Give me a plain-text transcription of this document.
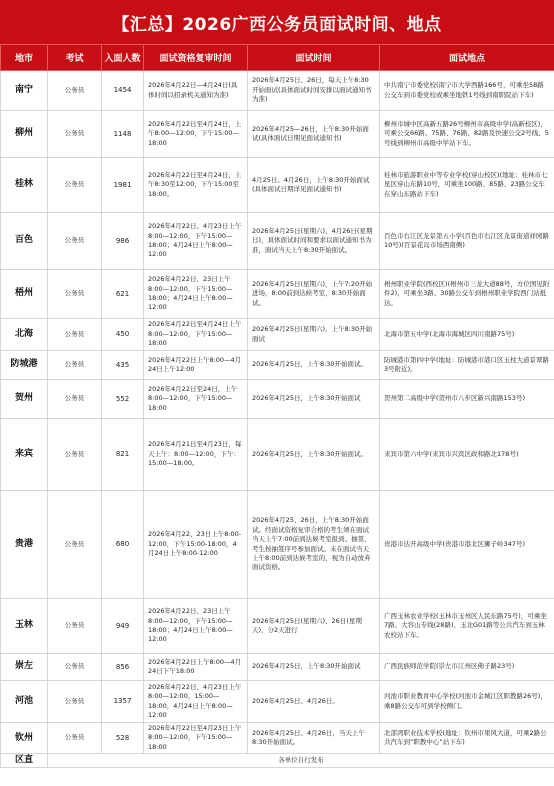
【汇总】2026广西公务员面试时间、地点
地市	考试	入面人数	面试资格复审时间	面试时间	面试地点
南宁	公务员	1454	2026年4月22日—4月24日(具体时间以招录机关通知为准)	2026年4月25日、26日，每天上午8:30开始面试(具体面试时间安排以面试通知书为准)	中共南宁市委党校(南宁市大学西路166号，可乘坐58路公交车到市委党校或乘坐地铁1号线到南职院站下车)
柳州	公务员	1148	2026年4月22日至4月24日，上午8:00—12:00，下午15:00—18:00	2026年4月25—26日，上午8:30开始面试(具体面试日期见面试通知书)	柳州市城中区高新五路26号柳州市高级中学(高新校区)，可乘公交66路、75路、76路、82路及快速公交2号线、5号线到柳州市高级中学站下车。
桂林	公务员	1981	2026年4月22日至4月24日，上午8:30至12:00，下午15:00至18:00。	4月25日、4月26日，上午8:30开始面试(具体面试日期详见面试通知书)	桂林市旅游职业中等专业学校(穿山校区)(地址：桂林市七星区穿山东路10号，可乘坐100路、85路、23路公交车在穿山东路站下车)
百色	公务员	986	2026年4月22日、4月23日上午8:00—12:00，下午15:00—18:00；4月24日上午8:00—12:00	2026年4月25日(星期六)、4月26日(星期日)，具体面试时间和要求以面试通知书为准，面试当天上午8:30开始面试。	百色市右江区龙景第五小学(百色市右江区龙景街道祥园路10号)(百景花岛市场西南侧)
梧州	公务员	621	2026年4月22日、23日上午8:00—12:00，下午15:00—18:00；4月24日上午8:00—12:00	2026年4月25日(星期六)，上午7:20开始进场，8:00前到达候考室，8:30开始面试。	梧州职业学院(西校区)(梧州市三龙大道88号，方位图见附件2)，可乘坐3路、30路公交车到梧州职业学院西门站抵达。
北海	公务员	450	2026年4月22日至4月24日上午8:00—12:00，下午15:00—18:00	2026年4月25日(星期六)，上午8:30开始面试	北海市第五中学(北海市海城区四川南路75号)
防城港	公务员	435	2026年4月22日上午8:00—4月24日上午12:00	2026年4月25日，上午8:30开始面试。	防城港市第四中学(地址：防城港市港口区玉柱大道景翠路3号附近)。
贺州	公务员	552	2026年4月22日至24日，上午8:00—12:00，下午15:00—18:00	2026年4月25日，上午8:30开始面试	贺州第二高级中学(贺州市八步区新兴南路153号)
来宾	公务员	821	2026年4月21日至4月23日，每天上午：8:00—12:00，下午：15:00—18:00。	2026年4月25日，上午8:30开始面试。	来宾市第六中学(来宾市兴宾区政和路北178号)
贵港	公务员	680	2026年4月22、23日上午8:00-12:00，下午15:00-18:00，4月24日上午8:00-12:00	2026年4月25、26日，上午8:30开始面试。经面试资格复审合格的考生须在面试当天上午7:00前到达候考室报到、抽签，考生按抽签序号参加面试。未在面试当天上午8:00前到达候考室的，视为自动放弃面试资格。	贵港市达开高级中学(贵港市港北区狮子岭347号)
玉林	公务员	949	2026年4月22日、23日上午8:00—12:00，下午15:00—18:00；4月24日上午8:00—12:00	2026年4月25日(星期六)、26日(星期天)，分2天进行	广西玉林农业学校(玉林市玉州区人民东路75号)，可乘坐7路、大容山专线(28路)、玉北G01路等公共汽车到玉林农校站下车。
崇左	公务员	856	2026年4月22日上午8:00—4月24日下午18:00	2026年4月25日，上午8:30开始面试	广西民族师范学院(崇左市江州区佛子路23号)
河池	公务员	1357	2026年4月22日、4月23日上午8:00—12:00，15:00—18:00，4月24日上午8:00—12:00	2026年4月25日、4月26日。	河池市职业教育中心学校(河池市金城江区职教路26号)，乘8路公交车可到学校侧门。
钦州	公务员	528	2026年4月22日至4月23日上午8:00—12:00，下午15:00—18:00	2026年4月25日、4月26日，当天上午8:30开始面试。	北部湾职业技术学校(地址：钦州市果风大道，可乘2路公共汽车到“职教中心”站下车)
区直	各单位自行发布				
